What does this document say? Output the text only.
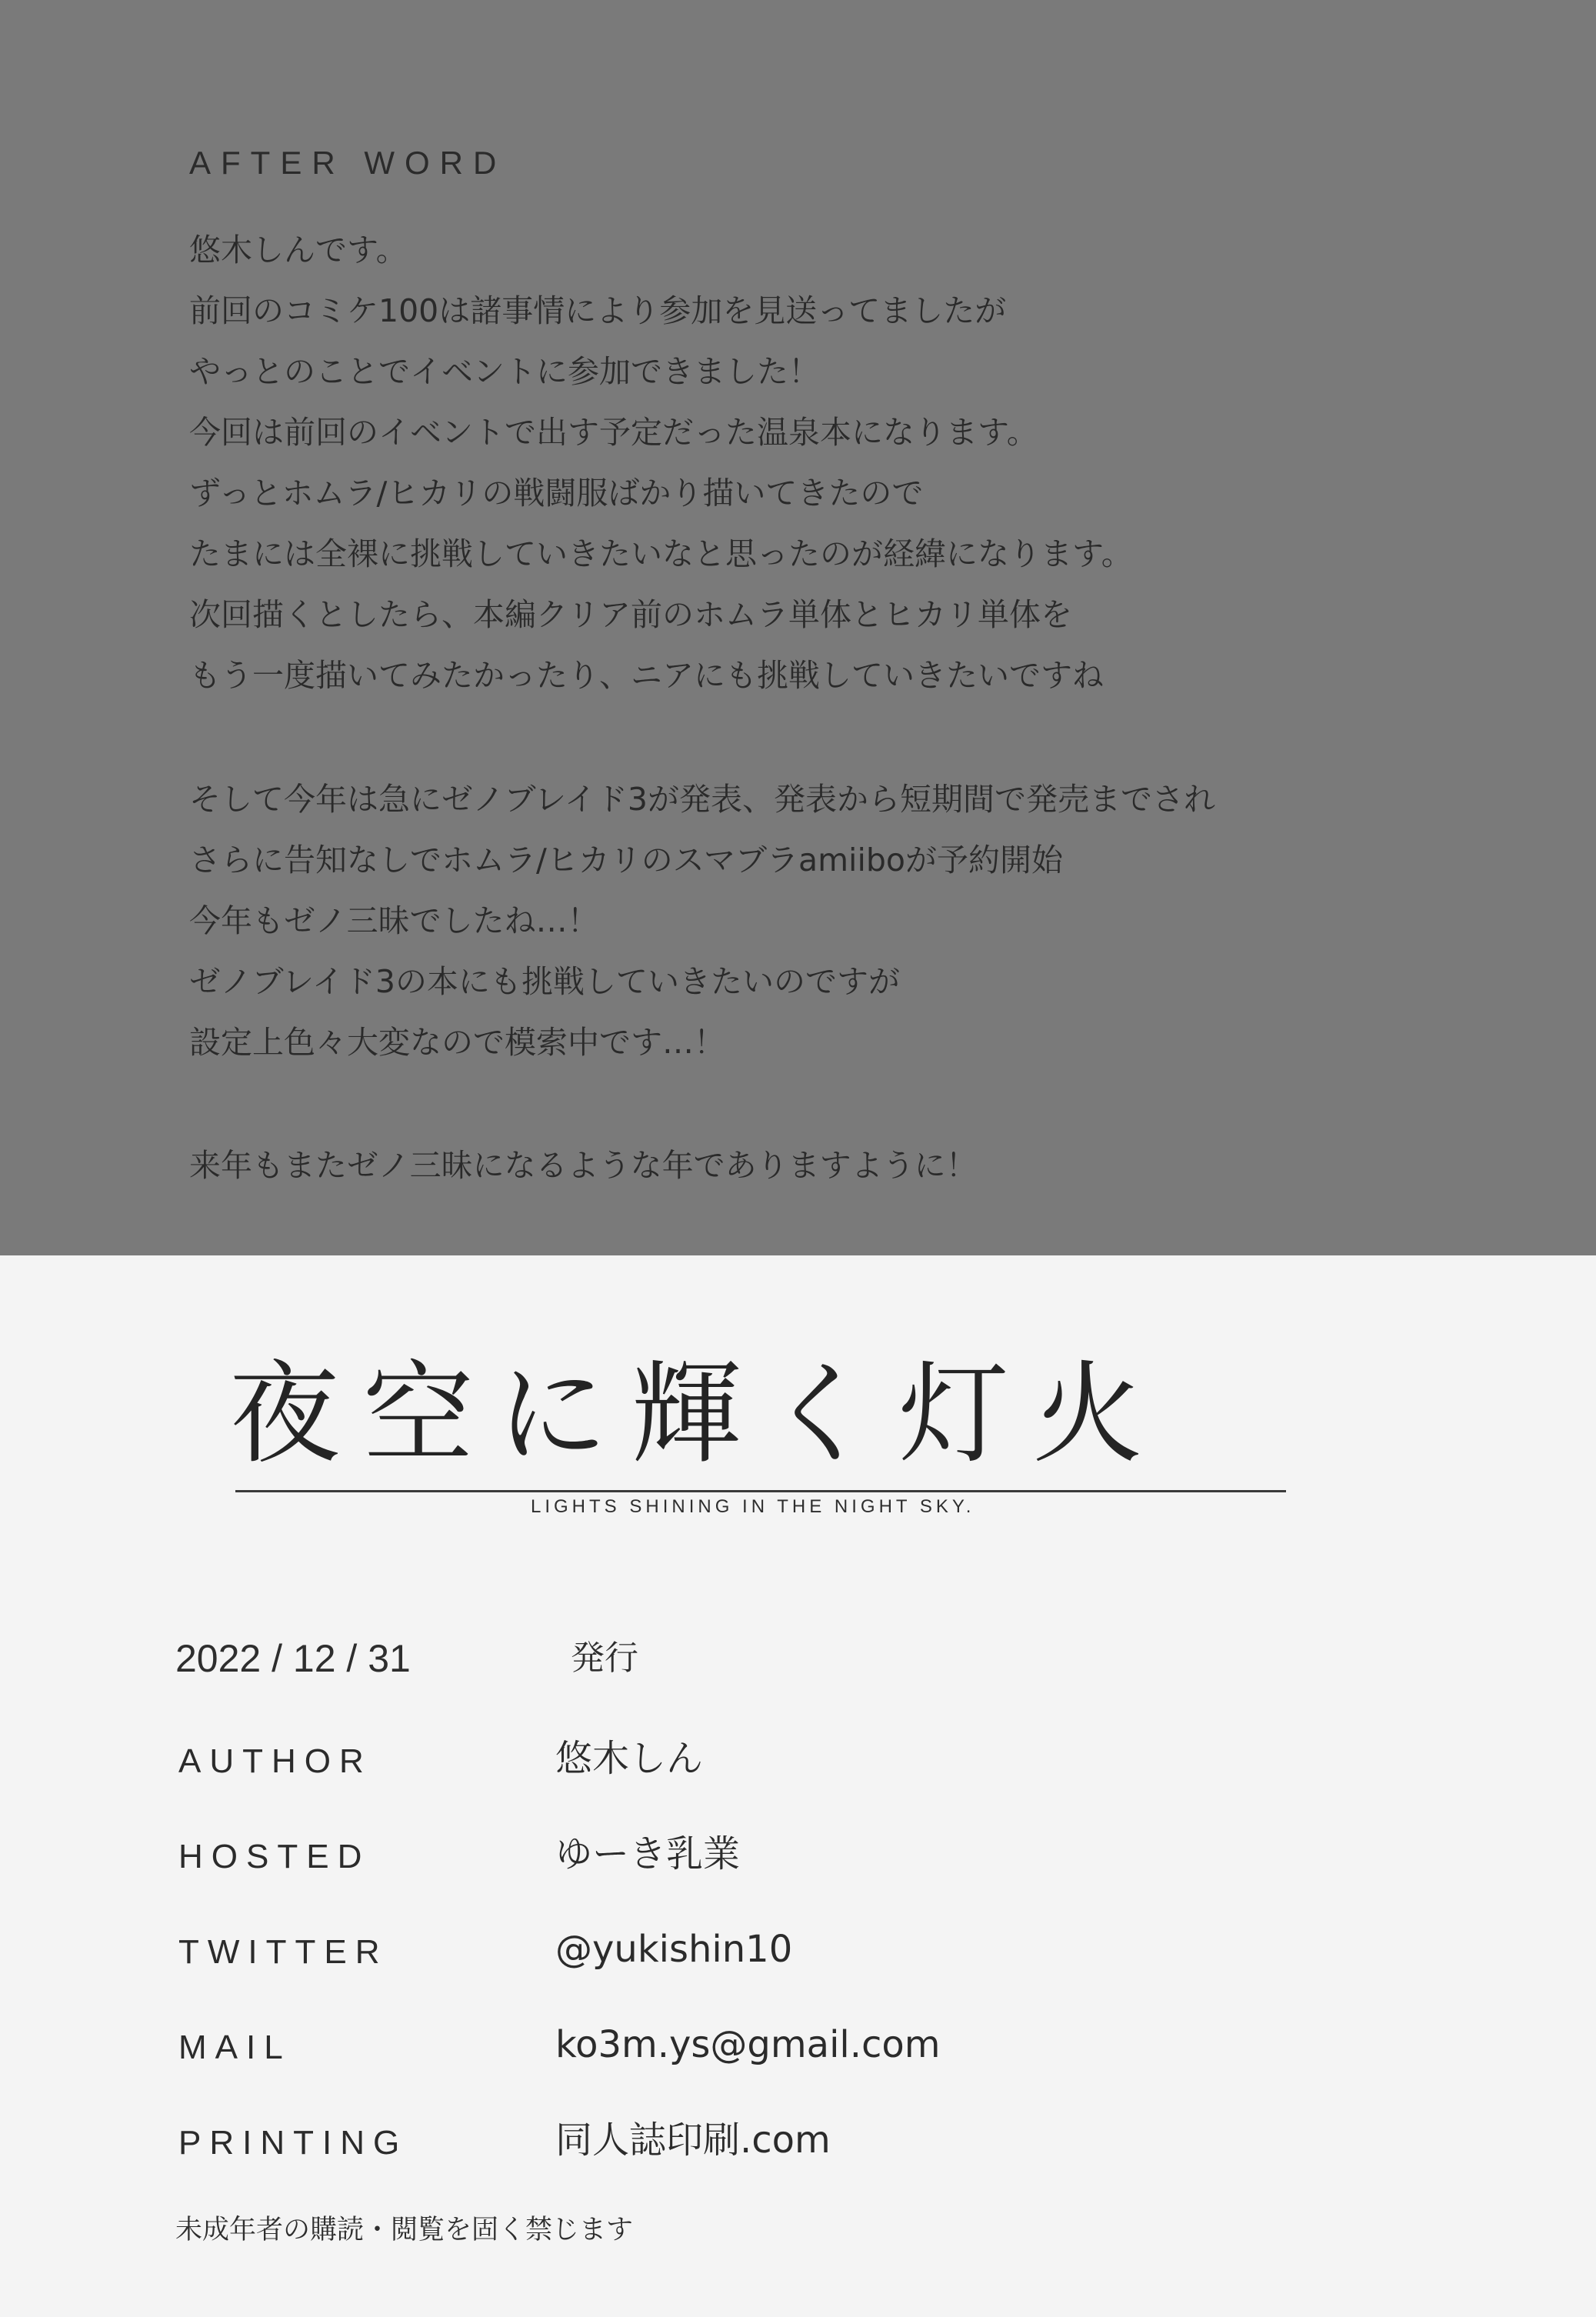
AFTER WORD
悠木しんです。
前回のコミケ100は諸事情により参加を見送ってましたが
やっとのことでイベントに参加できました！
今回は前回のイベントで出す予定だった温泉本になります。
ずっとホムラ/ヒカリの戦闘服ばかり描いてきたので
たまには全裸に挑戦していきたいなと思ったのが経緯になります。
次回描くとしたら、本編クリア前のホムラ単体とヒカリ単体を
もう一度描いてみたかったり、ニアにも挑戦していきたいですね
そして今年は急にゼノブレイド3が発表、発表から短期間で発売までされ
さらに告知なしでホムラ/ヒカリのスマブラamiiboが予約開始
今年もゼノ三昧でしたね…！
ゼノブレイド3の本にも挑戦していきたいのですが
設定上色々大変なので模索中です…！
来年もまたゼノ三昧になるような年でありますように！
夜空に輝く灯火
LIGHTS SHINING IN THE NIGHT SKY.
2022 / 12 / 31	発行
AUTHOR	悠木しん
HOSTED	ゆーき乳業
TWITTER	@yukishin10
MAIL	ko3m.ys@gmail.com
PRINTING	同人誌印刷.com
未成年者の購読・閲覧を固く禁じます
